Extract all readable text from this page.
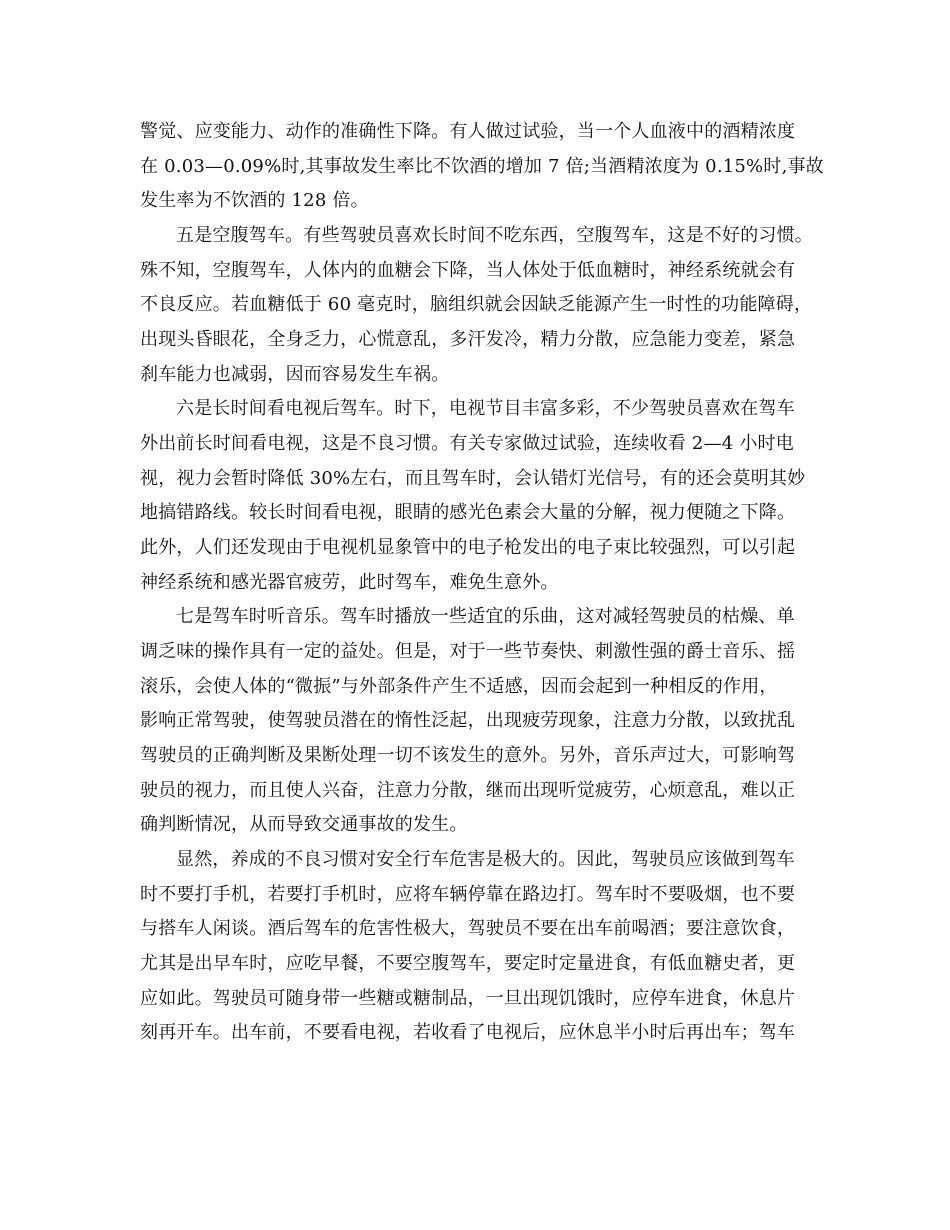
警觉、应变能力、动作的准确性下降。有人做过试验，当一个人血液中的酒精浓度
在 0.03—0.09%时,其事故发生率比不饮酒的增加 7 倍;当酒精浓度为 0.15%时,事故
发生率为不饮酒的 128 倍。
五是空腹驾车。有些驾驶员喜欢长时间不吃东西，空腹驾车，这是不好的习惯。
殊不知，空腹驾车，人体内的血糖会下降，当人体处于低血糖时，神经系统就会有
不良反应。若血糖低于 60 毫克时，脑组织就会因缺乏能源产生一时性的功能障碍，
出现头昏眼花，全身乏力，心慌意乱，多汗发冷，精力分散，应急能力变差，紧急
刹车能力也减弱，因而容易发生车祸。
六是长时间看电视后驾车。时下，电视节目丰富多彩，不少驾驶员喜欢在驾车
外出前长时间看电视，这是不良习惯。有关专家做过试验，连续收看 2—4 小时电
视，视力会暂时降低 30%左右，而且驾车时，会认错灯光信号，有的还会莫明其妙
地搞错路线。较长时间看电视，眼睛的感光色素会大量的分解，视力便随之下降。
此外，人们还发现由于电视机显象管中的电子枪发出的电子束比较强烈，可以引起
神经系统和感光器官疲劳，此时驾车，难免生意外。
七是驾车时听音乐。驾车时播放一些适宜的乐曲，这对减轻驾驶员的枯燥、单
调乏味的操作具有一定的益处。但是，对于一些节奏快、刺激性强的爵士音乐、摇
滚乐，会使人体的“微振”与外部条件产生不适感，因而会起到一种相反的作用，
影响正常驾驶，使驾驶员潜在的惰性泛起，出现疲劳现象，注意力分散，以致扰乱
驾驶员的正确判断及果断处理一切不该发生的意外。另外，音乐声过大，可影响驾
驶员的视力，而且使人兴奋，注意力分散，继而出现听觉疲劳，心烦意乱，难以正
确判断情况，从而导致交通事故的发生。
显然，养成的不良习惯对安全行车危害是极大的。因此，驾驶员应该做到驾车
时不要打手机，若要打手机时，应将车辆停靠在路边打。驾车时不要吸烟，也不要
与搭车人闲谈。酒后驾车的危害性极大，驾驶员不要在出车前喝酒；要注意饮食，
尤其是出早车时，应吃早餐，不要空腹驾车，要定时定量进食，有低血糖史者，更
应如此。驾驶员可随身带一些糖或糖制品，一旦出现饥饿时，应停车进食，休息片
刻再开车。出车前，不要看电视，若收看了电视后，应休息半小时后再出车；驾车
